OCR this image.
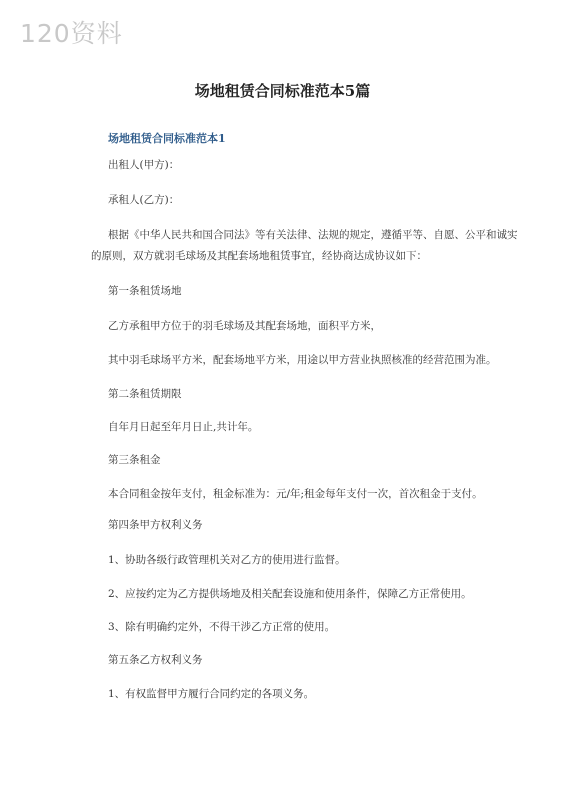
120资料
场地租赁合同标准范本5篇
场地租赁合同标准范本1
出租人(甲方)：
承租人(乙方)：
根据《中华人民共和国合同法》等有关法律、法规的规定，遵循平等、自愿、公平和诚实
的原则，双方就羽毛球场及其配套场地租赁事宜，经协商达成协议如下：
第一条租赁场地
乙方承租甲方位于的羽毛球场及其配套场地，面积平方米，
其中羽毛球场平方米，配套场地平方米，用途以甲方营业执照核准的经营范围为准。
第二条租赁期限
自年月日起至年月日止,共计年。
第三条租金
本合同租金按年支付，租金标准为：元/年;租金每年支付一次，首次租金于支付。
第四条甲方权利义务
1、协助各级行政管理机关对乙方的使用进行监督。
2、应按约定为乙方提供场地及相关配套设施和使用条件，保障乙方正常使用。
3、除有明确约定外，不得干涉乙方正常的使用。
第五条乙方权利义务
1、有权监督甲方履行合同约定的各项义务。
